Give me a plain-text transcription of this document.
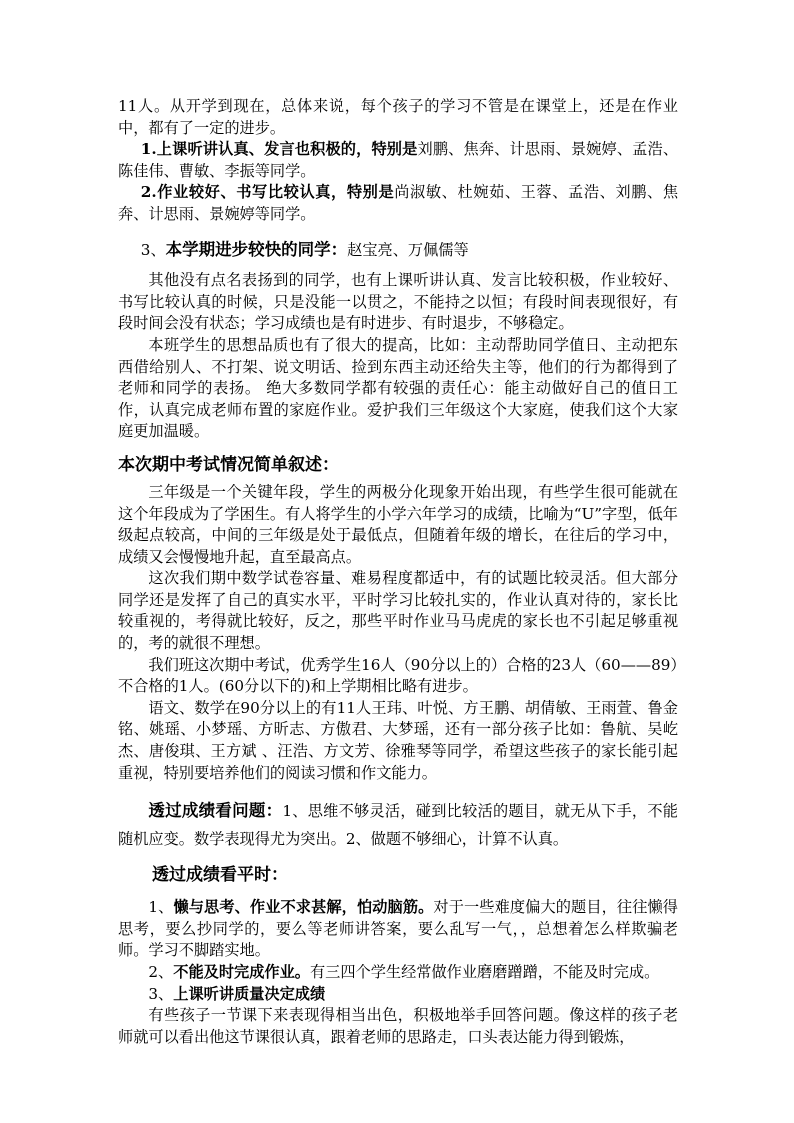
11人。从开学到现在，总体来说，每个孩子的学习不管是在课堂上，还是在作业中，都有了一定的进步。

1.上课听讲认真、发言也积极的，特别是刘鹏、焦奔、计思雨、景婉婷、孟浩、陈佳伟、曹敏、李振等同学。

2.作业较好、书写比较认真，特别是尚淑敏、杜婉茹、王蓉、孟浩、刘鹏、焦奔、计思雨、景婉婷等同学。

3、本学期进步较快的同学：赵宝亮、万佩儒等

其他没有点名表扬到的同学，也有上课听讲认真、发言比较积极，作业较好、书写比较认真的时候，只是没能一以贯之，不能持之以恒；有段时间表现很好，有段时间会没有状态；学习成绩也是有时进步、有时退步，不够稳定。

本班学生的思想品质也有了很大的提高，比如：主动帮助同学值日、主动把东西借给别人、不打架、说文明话、捡到东西主动还给失主等，他们的行为都得到了老师和同学的表扬。 绝大多数同学都有较强的责任心：能主动做好自己的值日工作，认真完成老师布置的家庭作业。爱护我们三年级这个大家庭，使我们这个大家庭更加温暖。

本次期中考试情况简单叙述：

三年级是一个关键年段，学生的两极分化现象开始出现，有些学生很可能就在这个年段成为了学困生。有人将学生的小学六年学习的成绩，比喻为“U”字型，低年级起点较高，中间的三年级是处于最低点，但随着年级的增长，在往后的学习中，成绩又会慢慢地升起，直至最高点。

这次我们期中数学试卷容量、难易程度都适中，有的试题比较灵活。但大部分同学还是发挥了自己的真实水平，平时学习比较扎实的，作业认真对待的，家长比较重视的，考得就比较好，反之，那些平时作业马马虎虎的家长也不引起足够重视的，考的就很不理想。

我们班这次期中考试，优秀学生16人（90分以上的）合格的23人（60——89）不合格的1人。(60分以下的)和上学期相比略有进步。

语文、数学在90分以上的有11人王玮、叶悦、方王鹏、胡倩敏、王雨萱、鲁金铭、姚瑶、小梦瑶、方昕志、方傲君、大梦瑶，还有一部分孩子比如：鲁航、吴屹杰、唐俊琪、王方斌 、汪浩、方文芳、徐雅琴等同学，希望这些孩子的家长能引起重视，特别要培养他们的阅读习惯和作文能力。

透过成绩看问题：1、思维不够灵活，碰到比较活的题目，就无从下手，不能随机应变。数学表现得尤为突出。2、做题不够细心，计算不认真。

透过成绩看平时：

1、懒与思考、作业不求甚解，怕动脑筋。对于一些难度偏大的题目，往往懒得思考，要么抄同学的，要么等老师讲答案，要么乱写一气，，总想着怎么样欺骗老师。学习不脚踏实地。

2、不能及时完成作业。有三四个学生经常做作业磨磨蹭蹭，不能及时完成。

3、上课听讲质量决定成绩

有些孩子一节课下来表现得相当出色，积极地举手回答问题。像这样的孩子老师就可以看出他这节课很认真，跟着老师的思路走，口头表达能力得到锻炼，
